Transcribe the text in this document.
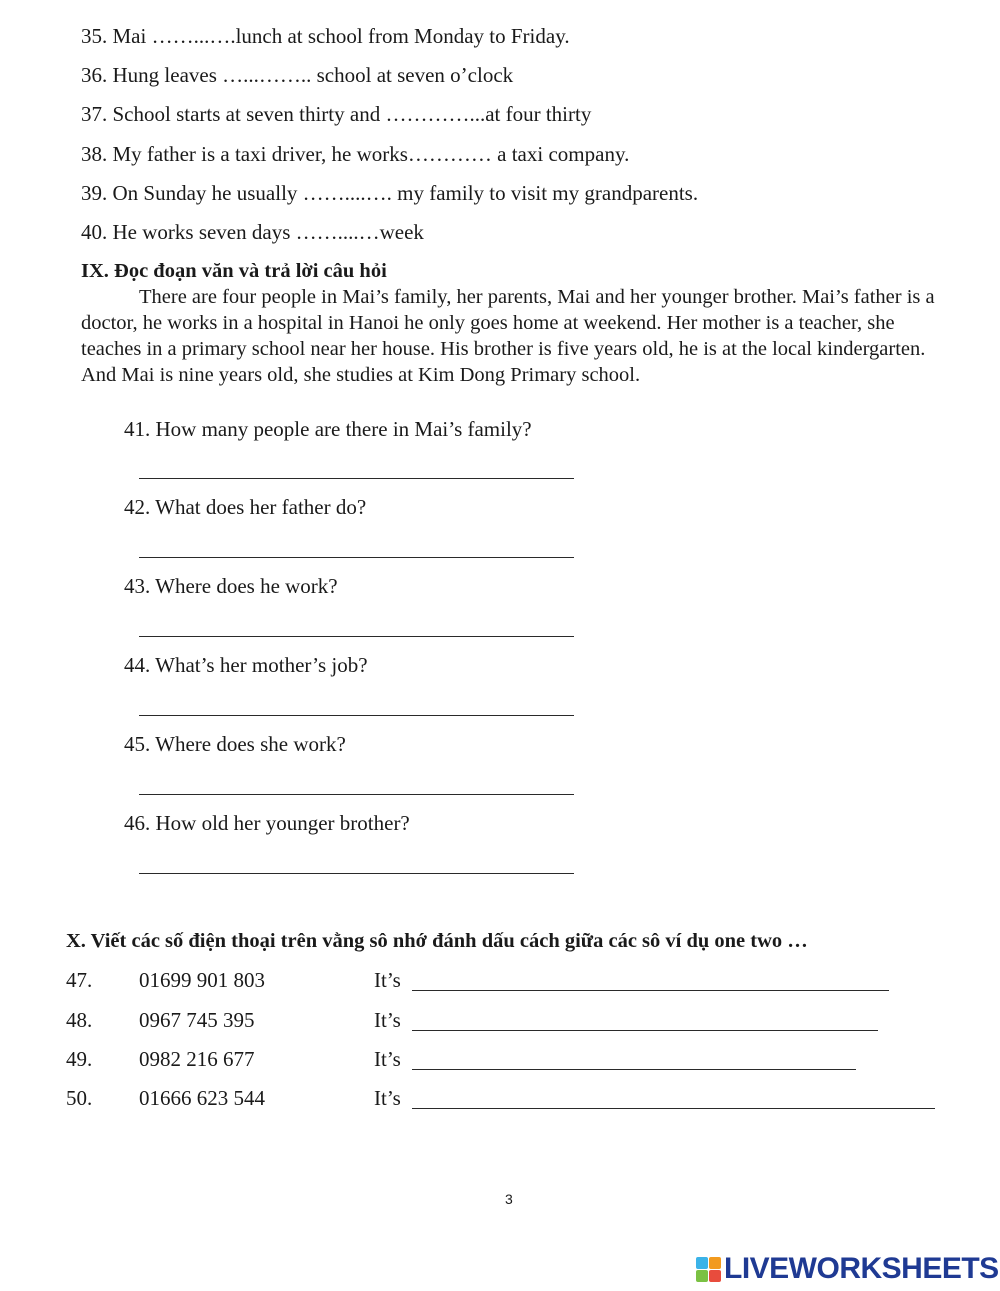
35. Mai ……...….lunch at school from Monday to Friday.
36. Hung leaves …...…….. school at seven o’clock
37. School starts at seven thirty and …………...at four thirty
38. My father is a taxi driver, he works………… a taxi company.
39. On Sunday he usually ……....…. my family to visit my grandparents.
40. He works seven days ……....…week
IX. Đọc đoạn văn và trả lời câu hỏi
There are four people in Mai’s family, her parents, Mai and her younger brother. Mai’s father is a doctor, he works in a hospital in Hanoi he only goes home at weekend. Her mother is a teacher, she teaches in a primary school near her house. His brother is five years old, he is at the local kindergarten. And Mai is nine years old, she studies at Kim Dong Primary school.
41. How many people are there in Mai’s family?
42. What does her father do?
43. Where does he work?
44. What’s her mother’s job?
45. Where does she work?
46. How old her younger brother?
X. Viết các số điện thoại trên vằng sô nhớ đánh dấu cách giữa các sô ví dụ one two …
47. 01699 901 803	It’s
48. 0967 745 395	It’s
49. 0982 216 677	It’s
50. 01666 623 544	It’s
3
LIVEWORKSHEETS
